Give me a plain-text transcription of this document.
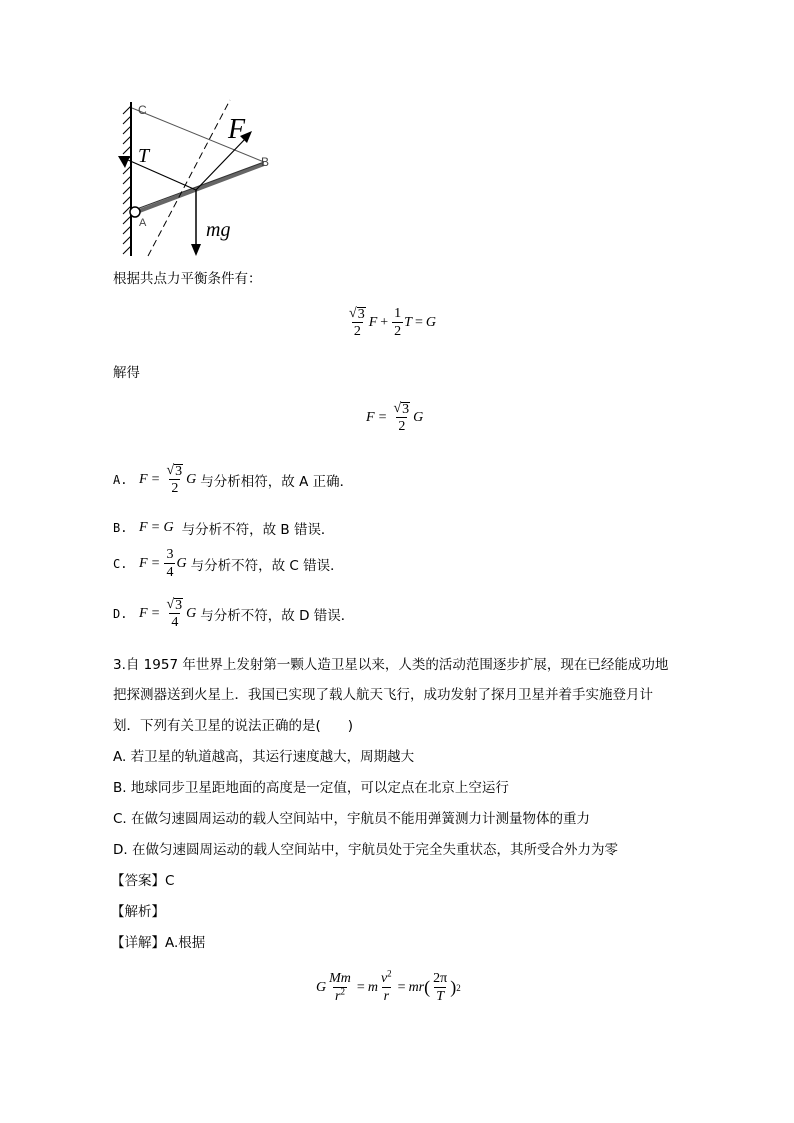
C
B
A
T
F
mg
根据共点力平衡条件有：
$\frac{√ 3}{2}$ $F + \frac{1}{2}$ T = G
解得
$F = \frac{√ 3}{2}$ G
A. $F = \frac{√ 3}{2}$ G 与分析相符，故 A 正确．
B. F = G 与分析不符，故 B 错误．
C. $F = \frac{3}{4}$ G 与分析不符，故 C 错误．
D. $F = \frac{√ 3}{4}$ G 与分析不符，故 D 错误．
3.自 1957 年世界上发射第一颗人造卫星以来，人类的活动范围逐步扩展，现在已经能成功地
把探测器送到火星上．我国已实现了载人航天飞行，成功发射了探月卫星并着手实施登月计
划．下列有关卫星的说法正确的是(　　)
A. 若卫星的轨道越高，其运行速度越大，周期越大
B. 地球同步卫星距地面的高度是一定值，可以定点在北京上空运行
C. 在做匀速圆周运动的载人空间站中，宇航员不能用弹簧测力计测量物体的重力
D. 在做匀速圆周运动的载人空间站中，宇航员处于完全失重状态，其所受合外力为零
【答案】C
【解析】
【详解】A.根据
G $\frac{Mm}{r^2} = m \frac{v^2}{r}$ = mr ( $\frac{2\pi}{T}$ ) 2
